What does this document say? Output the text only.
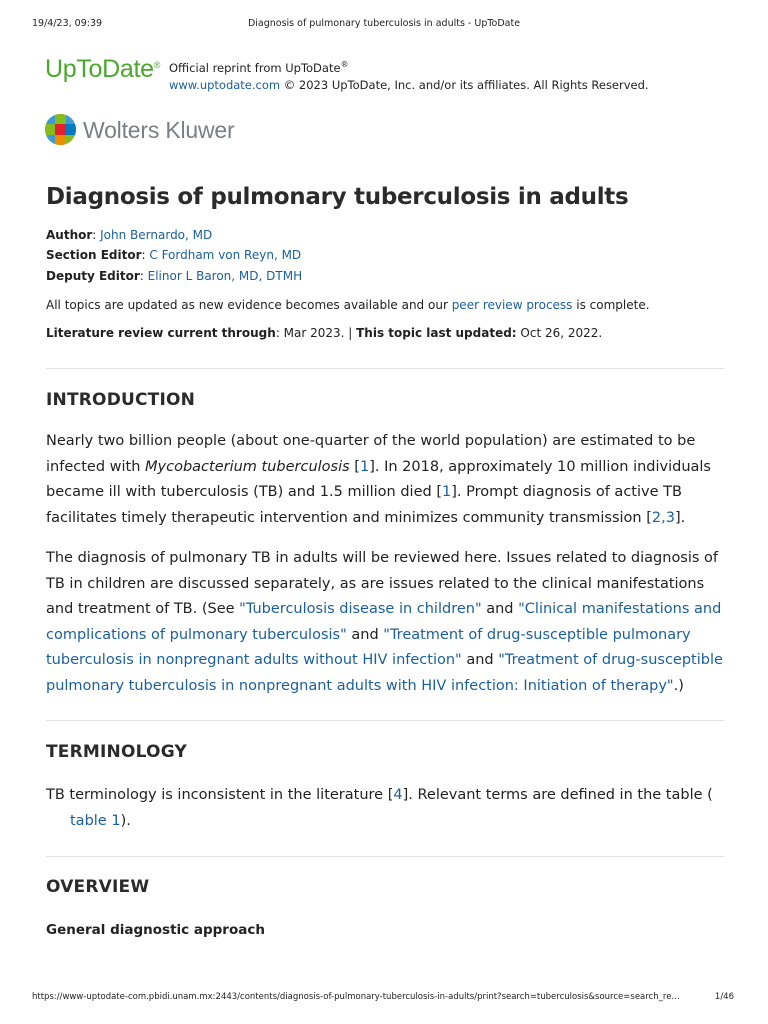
19/4/23, 09:39	Diagnosis of pulmonary tuberculosis in adults - UpToDate
UpToDate® Official reprint from UpToDate®
www.uptodate.com © 2023 UpToDate, Inc. and/or its affiliates. All Rights Reserved.
Wolters Kluwer
Diagnosis of pulmonary tuberculosis in adults
Author: John Bernardo, MD
Section Editor: C Fordham von Reyn, MD
Deputy Editor: Elinor L Baron, MD, DTMH
All topics are updated as new evidence becomes available and our peer review process is complete.
Literature review current through: Mar 2023. | This topic last updated: Oct 26, 2022.
INTRODUCTION

Nearly two billion people (about one-quarter of the world population) are estimated to be infected with Mycobacterium tuberculosis [1]. In 2018, approximately 10 million individuals became ill with tuberculosis (TB) and 1.5 million died [1]. Prompt diagnosis of active TB facilitates timely therapeutic intervention and minimizes community transmission [2,3].

The diagnosis of pulmonary TB in adults will be reviewed here. Issues related to diagnosis of TB in children are discussed separately, as are issues related to the clinical manifestations and treatment of TB. (See "Tuberculosis disease in children" and "Clinical manifestations and complications of pulmonary tuberculosis" and "Treatment of drug-susceptible pulmonary tuberculosis in nonpregnant adults without HIV infection" and "Treatment of drug-susceptible pulmonary tuberculosis in nonpregnant adults with HIV infection: Initiation of therapy".)

TERMINOLOGY

TB terminology is inconsistent in the literature [4]. Relevant terms are defined in the table (table 1).

OVERVIEW
General diagnostic approach
https://www-uptodate-com.pbidi.unam.mx:2443/contents/diagnosis-of-pulmonary-tuberculosis-in-adults/print?search=tuberculosis&source=search_re…	1/46
